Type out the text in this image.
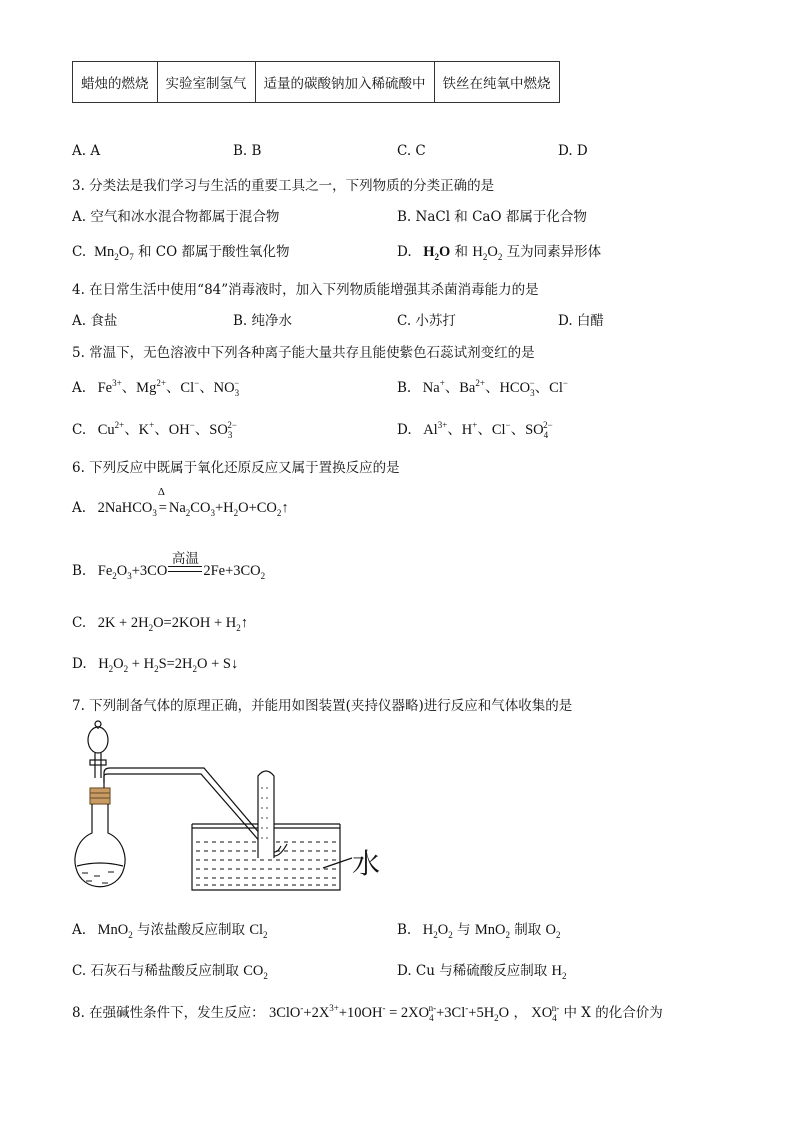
蜡烛的燃烧	实验室制氢气	适量的碳酸钠加入稀硫酸中	铁丝在纯氧中燃烧
A. A	B. B	C. C	D. D
3. 分类法是我们学习与生活的重要工具之一，下列物质的分类正确的是
A. 空气和冰水混合物都属于混合物	B. NaCl 和 CaO 都属于化合物
C.  $Mn_2O_7$ 和 CO 都属于酸性氧化物	D.   $H_2O$ 和 $H_2O_2$ 互为同素异形体
4. 在日常生活中使用“84”消毒液时，加入下列物质能增强其杀菌消毒能力的是
A. 食盐	B. 纯净水	C. 小苏打	D. 白醋
5. 常温下，无色溶液中下列各种离子能大量共存且能使紫色石蕊试剂变红的是
A.   $Fe^{3+}$、$Mg^{2+}$、Cl−、$NO_3^-$	B.   Na+、$Ba^{2+}$、$HCO_3^-$、Cl−
C.   $Cu^{2+}$、K+、OH−、$SO_3^{2-}$	D.   $Al^{3+}$、H+、Cl−、$SO_4^{2-}$
6. 下列反应中既属于氧化还原反应又属于置换反应的是
A.   2NaHCO$_3$
Δ
= $Na_2CO_3+H_2O+CO_2↑$
B.   $Fe_2O_3+3CO$
高温
$2Fe+3CO_2$
C.   $2K + 2H_2O=2KOH$ + $H_2↑$
D.   $H_2O_2 + H_2S=2H_2O$ + S↓
7. 下列制备气体的原理正确，并能用如图装置(夹持仪器略)进行反应和气体收集的是
水
A.   MnO$_2$ 与浓盐酸反应制取 $Cl_2$	B.   $H_2O_2$ 与 MnO$_2$ 制取 $O_2$
C. 石灰石与稀盐酸反应制取 $CO_2$	D. Cu 与稀硫酸反应制取 $H_2$
8. 在强碱性条件下，发生反应： $3ClO^-+2X^{3+}+10OH^- = 2XO_4^{n-}+3Cl^-+5H_2O$ ， $XO_4^{n-}$ 中 X 的化合价为
